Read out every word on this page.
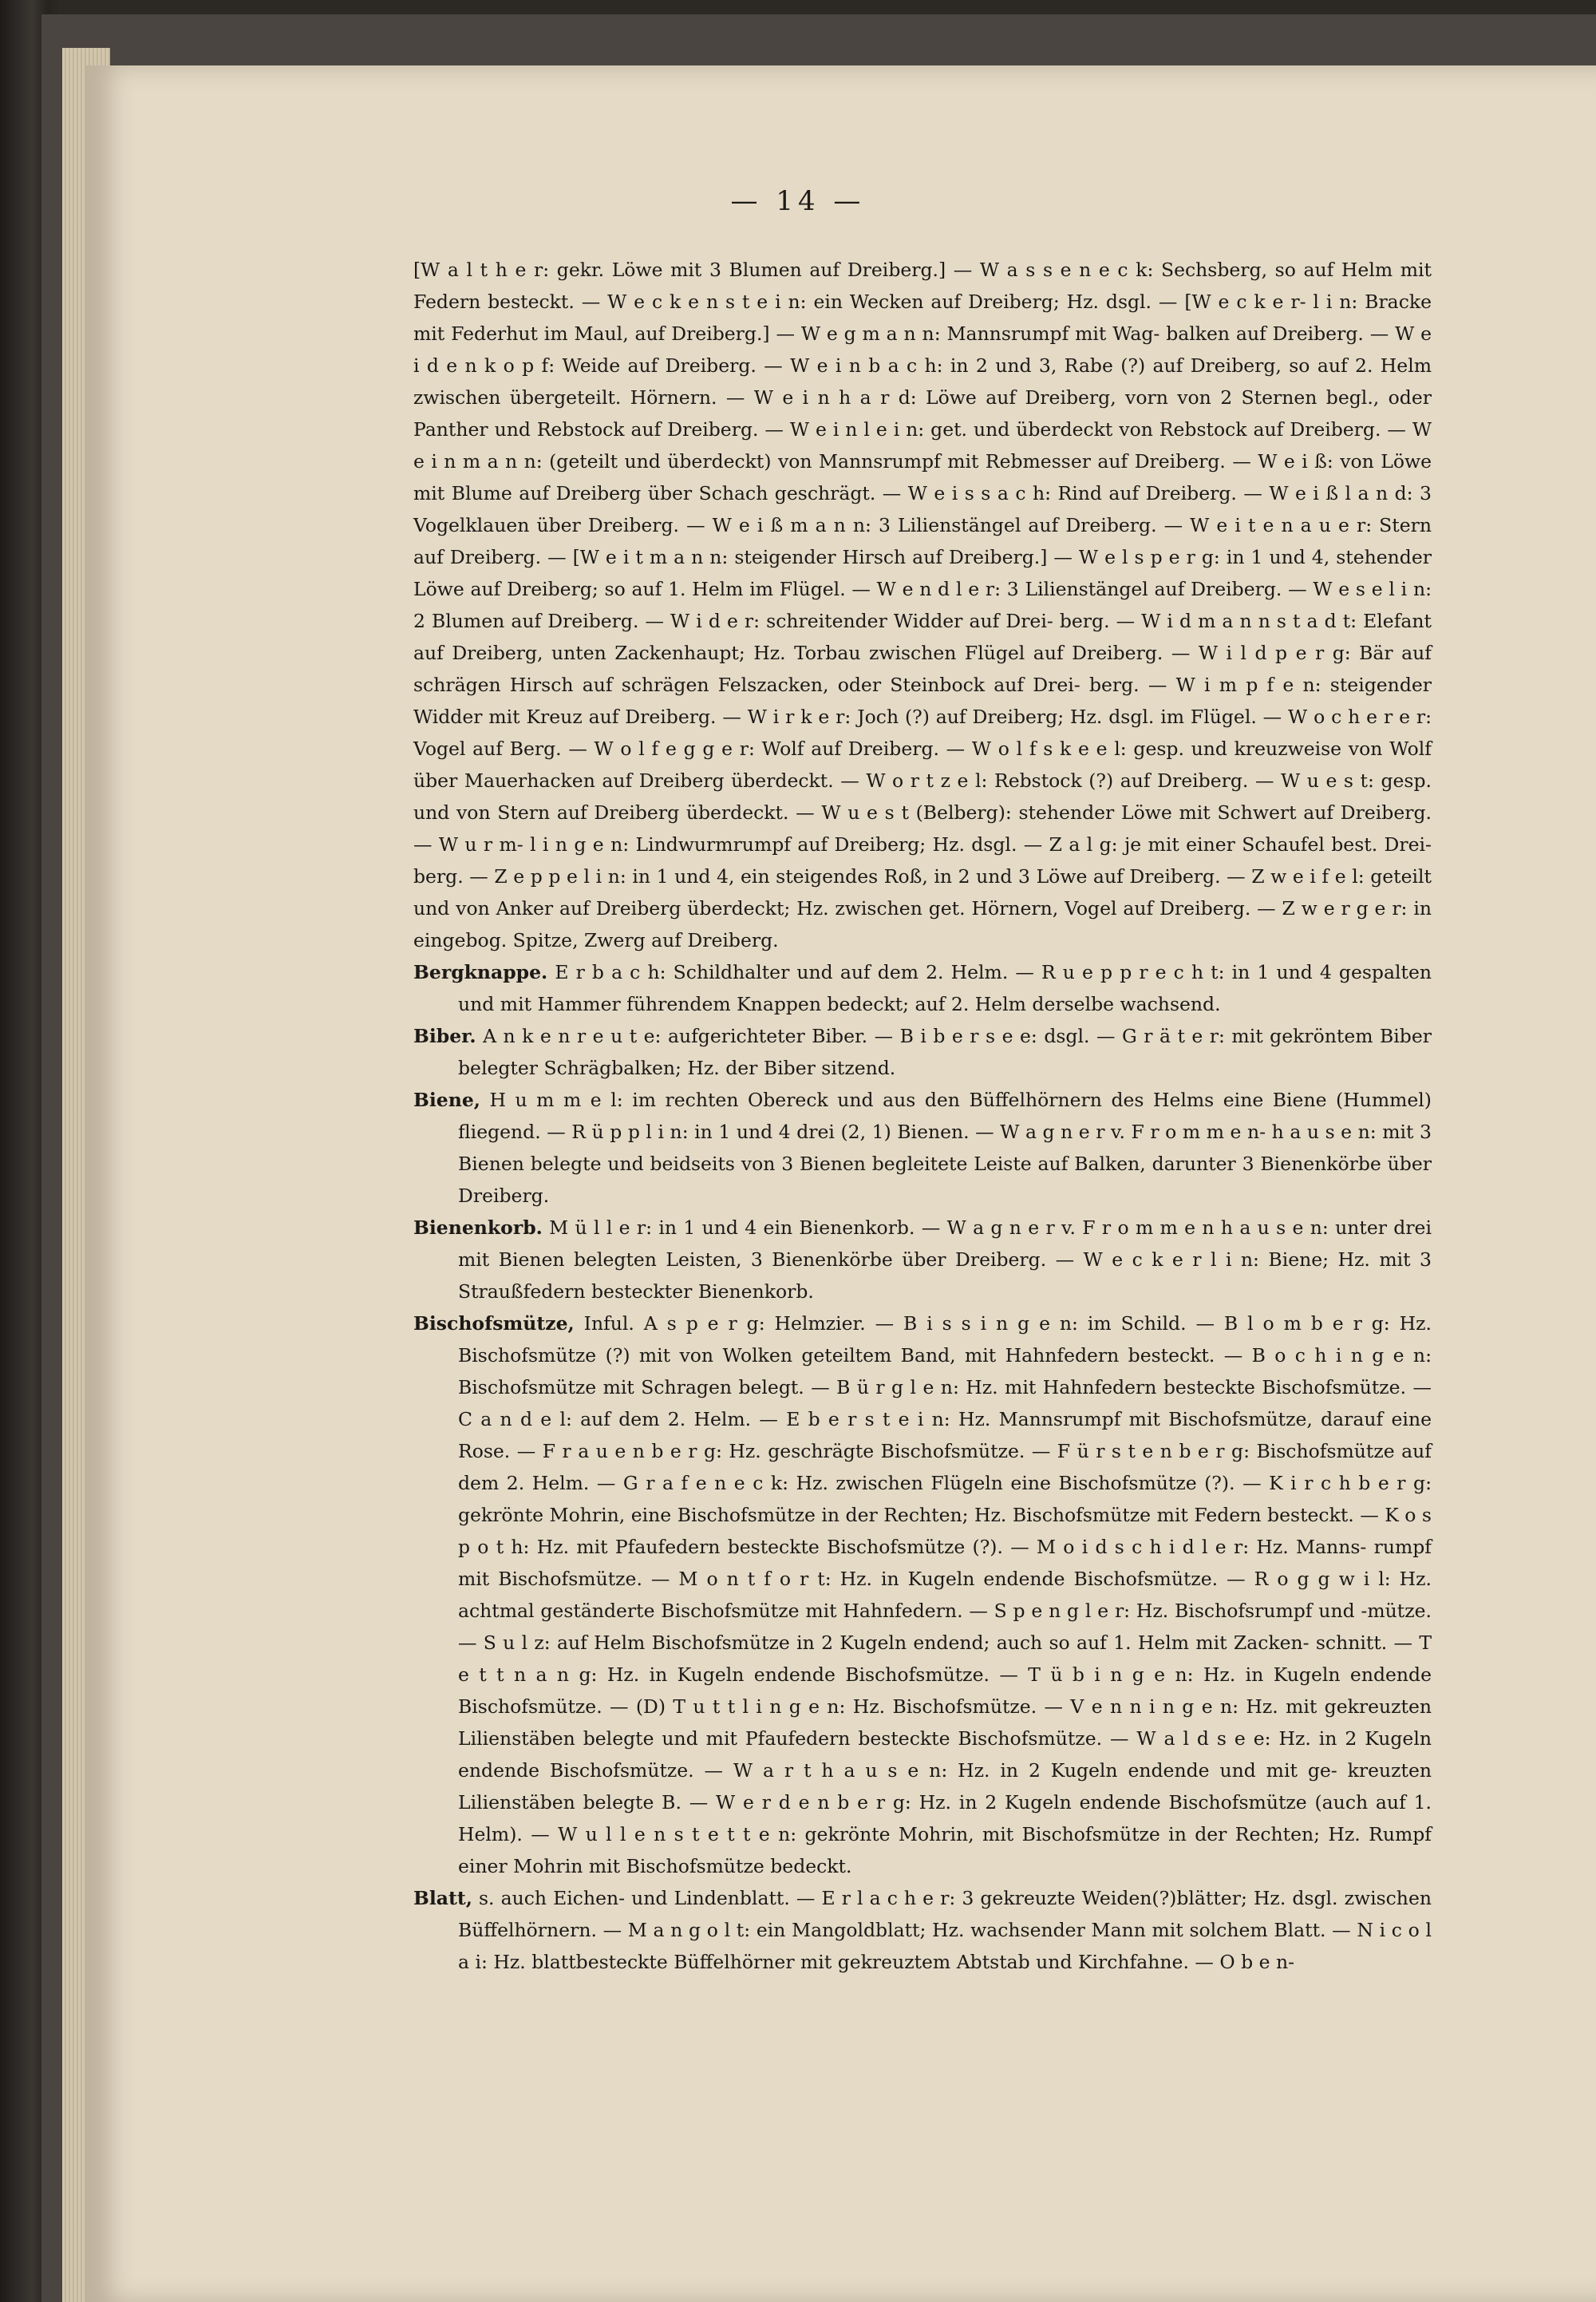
— 14 —

[W a l t h e r: gekr. Löwe mit 3 Blumen auf Dreiberg.] — W a s s e n e c k: Sechsberg, so auf Helm mit Federn besteckt. — W e c k e n s t e i n: ein Wecken auf Dreiberg; Hz. dsgl. — [W e c k e r- l i n: Bracke mit Federhut im Maul, auf Dreiberg.] — W e g m a n n: Mannsrumpf mit Wag- balken auf Dreiberg. — W e i d e n k o p f: Weide auf Dreiberg. — W e i n b a c h: in 2 und 3, Rabe (?) auf Dreiberg, so auf 2. Helm zwischen übergeteilt. Hörnern. — W e i n h a r d: Löwe auf Dreiberg, vorn von 2 Sternen begl., oder Panther und Rebstock auf Dreiberg. — W e i n l e i n: get. und überdeckt von Rebstock auf Dreiberg. — W e i n m a n n: (geteilt und überdeckt) von Mannsrumpf mit Rebmesser auf Dreiberg. — W e i ß: von Löwe mit Blume auf Dreiberg über Schach geschrägt. — W e i s s a c h: Rind auf Dreiberg. — W e i ß l a n d: 3 Vogelklauen über Dreiberg. — W e i ß m a n n: 3 Lilienstängel auf Dreiberg. — W e i t e n a u e r: Stern auf Dreiberg. — [W e i t m a n n: steigender Hirsch auf Dreiberg.] — W e l s p e r g: in 1 und 4, stehender Löwe auf Dreiberg; so auf 1. Helm im Flügel. — W e n d l e r: 3 Lilienstängel auf Dreiberg. — W e s e l i n: 2 Blumen auf Dreiberg. — W i d e r: schreitender Widder auf Drei- berg. — W i d m a n n s t a d t: Elefant auf Dreiberg, unten Zackenhaupt; Hz. Torbau zwischen Flügel auf Dreiberg. — W i l d p e r g: Bär auf schrägen Hirsch auf schrägen Felszacken, oder Steinbock auf Drei- berg. — W i m p f e n: steigender Widder mit Kreuz auf Dreiberg. — W i r k e r: Joch (?) auf Dreiberg; Hz. dsgl. im Flügel. — W o c h e r e r: Vogel auf Berg. — W o l f e g g e r: Wolf auf Dreiberg. — W o l f s k e e l: gesp. und kreuzweise von Wolf über Mauerhacken auf Dreiberg überdeckt. — W o r t z e l: Rebstock (?) auf Dreiberg. — W u e s t: gesp. und von Stern auf Dreiberg überdeckt. — W u e s t (Belberg): stehender Löwe mit Schwert auf Dreiberg. — W u r m- l i n g e n: Lindwurmrumpf auf Dreiberg; Hz. dsgl. — Z a l g: je mit einer Schaufel best. Drei- berg. — Z e p p e l i n: in 1 und 4, ein steigendes Roß, in 2 und 3 Löwe auf Dreiberg. — Z w e i f e l: geteilt und von Anker auf Dreiberg überdeckt; Hz. zwischen get. Hörnern, Vogel auf Dreiberg. — Z w e r g e r: in eingebog. Spitze, Zwerg auf Dreiberg.

Bergknappe. E r b a c h: Schildhalter und auf dem 2. Helm. — R u e p p r e c h t: in 1 und 4 gespalten und mit Hammer führendem Knappen bedeckt; auf 2. Helm derselbe wachsend.

Biber. A n k e n r e u t e: aufgerichteter Biber. — B i b e r s e e: dsgl. — G r ä t e r: mit gekröntem Biber belegter Schrägbalken; Hz. der Biber sitzend.

Biene, H u m m e l: im rechten Obereck und aus den Büffelhörnern des Helms eine Biene (Hummel) fliegend. — R ü p p l i n: in 1 und 4 drei (2, 1) Bienen. — W a g n e r v. F r o m m e n- h a u s e n: mit 3 Bienen belegte und beidseits von 3 Bienen begleitete Leiste auf Balken, darunter 3 Bienenkörbe über Dreiberg.

Bienenkorb. M ü l l e r: in 1 und 4 ein Bienenkorb. — W a g n e r v. F r o m m e n h a u s e n: unter drei mit Bienen belegten Leisten, 3 Bienenkörbe über Dreiberg. — W e c k e r l i n: Biene; Hz. mit 3 Straußfedern besteckter Bienenkorb.

Bischofsmütze, Inful. A s p e r g: Helmzier. — B i s s i n g e n: im Schild. — B l o m b e r g: Hz. Bischofsmütze (?) mit von Wolken geteiltem Band, mit Hahnfedern besteckt. — B o c h i n g e n: Bischofsmütze mit Schragen belegt. — B ü r g l e n: Hz. mit Hahnfedern besteckte Bischofsmütze. — C a n d e l: auf dem 2. Helm. — E b e r s t e i n: Hz. Mannsrumpf mit Bischofsmütze, darauf eine Rose. — F r a u e n b e r g: Hz. geschrägte Bischofsmütze. — F ü r s t e n b e r g: Bischofsmütze auf dem 2. Helm. — G r a f e n e c k: Hz. zwischen Flügeln eine Bischofsmütze (?). — K i r c h b e r g: gekrönte Mohrin, eine Bischofsmütze in der Rechten; Hz. Bischofsmütze mit Federn besteckt. — K o s p o t h: Hz. mit Pfaufedern besteckte Bischofsmütze (?). — M o i d s c h i d l e r: Hz. Manns- rumpf mit Bischofsmütze. — M o n t f o r t: Hz. in Kugeln endende Bischofsmütze. — R o g g w i l: Hz. achtmal geständerte Bischofsmütze mit Hahnfedern. — S p e n g l e r: Hz. Bischofsrumpf und -mütze. — S u l z: auf Helm Bischofsmütze in 2 Kugeln endend; auch so auf 1. Helm mit Zacken- schnitt. — T e t t n a n g: Hz. in Kugeln endende Bischofsmütze. — T ü b i n g e n: Hz. in Kugeln endende Bischofsmütze. — (D) T u t t l i n g e n: Hz. Bischofsmütze. — V e n n i n g e n: Hz. mit gekreuzten Lilienstäben belegte und mit Pfaufedern besteckte Bischofsmütze. — W a l d s e e: Hz. in 2 Kugeln endende Bischofsmütze. — W a r t h a u s e n: Hz. in 2 Kugeln endende und mit ge- kreuzten Lilienstäben belegte B. — W e r d e n b e r g: Hz. in 2 Kugeln endende Bischofsmütze (auch auf 1. Helm). — W u l l e n s t e t t e n: gekrönte Mohrin, mit Bischofsmütze in der Rechten; Hz. Rumpf einer Mohrin mit Bischofsmütze bedeckt.

Blatt, s. auch Eichen- und Lindenblatt. — E r l a c h e r: 3 gekreuzte Weiden(?)blätter; Hz. dsgl. zwischen Büffelhörnern. — M a n g o l t: ein Mangoldblatt; Hz. wachsender Mann mit solchem Blatt. — N i c o l a i: Hz. blattbesteckte Büffelhörner mit gekreuztem Abtstab und Kirchfahne. — O b e n-
